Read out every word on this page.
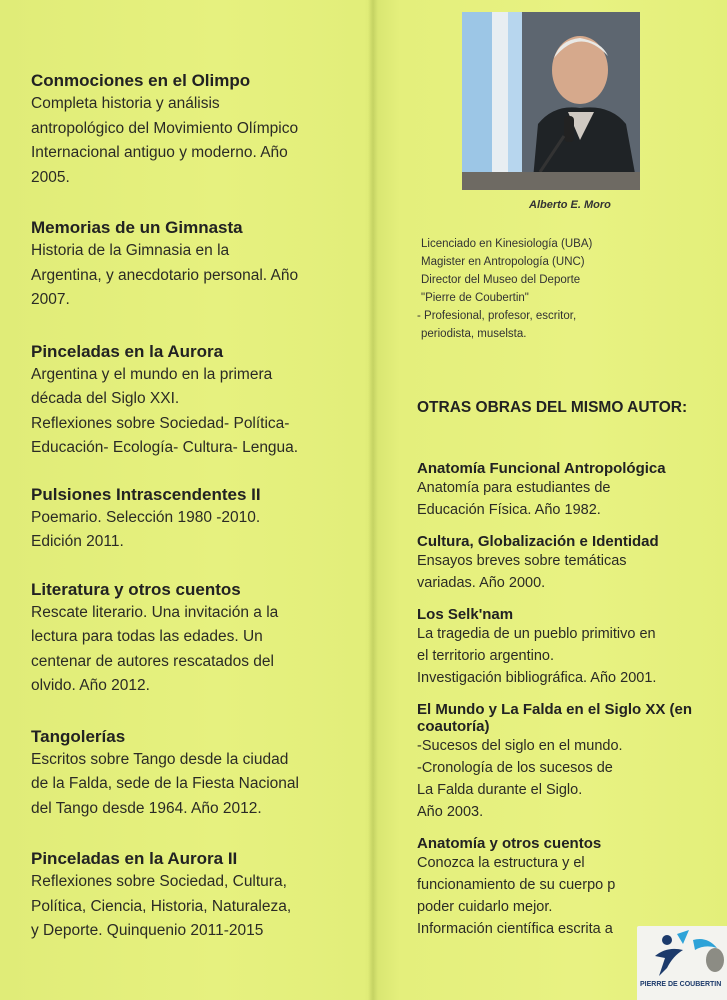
Conmociones en el Olimpo
Completa historia y análisis
antropológico del Movimiento Olímpico
Internacional antiguo y moderno. Año
2005.
Memorias de un Gimnasta
Historia de la Gimnasia en la
Argentina, y anecdotario personal. Año
2007.
Pinceladas en la Aurora
Argentina y el mundo en la primera
década del Siglo XXI.
Reflexiones sobre Sociedad- Política-
Educación- Ecología- Cultura- Lengua.
Pulsiones Intrascendentes II
Poemario. Selección 1980 -2010.
Edición 2011.
Literatura y otros cuentos
Rescate literario. Una invitación a la
lectura para todas las edades. Un
centenar de autores rescatados del
olvido. Año 2012.
Tangolerías
Escritos sobre Tango desde la ciudad
de la Falda, sede de la Fiesta Nacional
del Tango desde 1964. Año 2012.
Pinceladas en la Aurora II
Reflexiones sobre Sociedad, Cultura,
Política, Ciencia, Historia, Naturaleza,
y Deporte. Quinquenio 2011-2015
Alberto E. Moro
Licenciado en Kinesiología (UBA)
Magister en Antropología (UNC)
Director del Museo del Deporte
"Pierre de Coubertin"
- Profesional, profesor, escritor,
periodista, muselsta.
OTRAS OBRAS DEL MISMO AUTOR:
Anatomía Funcional Antropológica
Anatomía para estudiantes de
Educación Física. Año 1982.
Cultura, Globalización e Identidad
Ensayos breves sobre temáticas
variadas. Año 2000.
Los Selk'nam
La tragedia de un pueblo primitivo en
el territorio argentino.
Investigación bibliográfica. Año 2001.
El Mundo y La Falda en el Siglo XX (en coautoría)
-Sucesos del siglo en el mundo.
-Cronología de los sucesos de
La Falda durante el Siglo.
Año 2003.
Anatomía y otros cuentos
Conozca la estructura y el
funcionamiento de su cuerpo p
poder cuidarlo mejor.
Información científica escrita a
PIERRE DE COUBERTIN
